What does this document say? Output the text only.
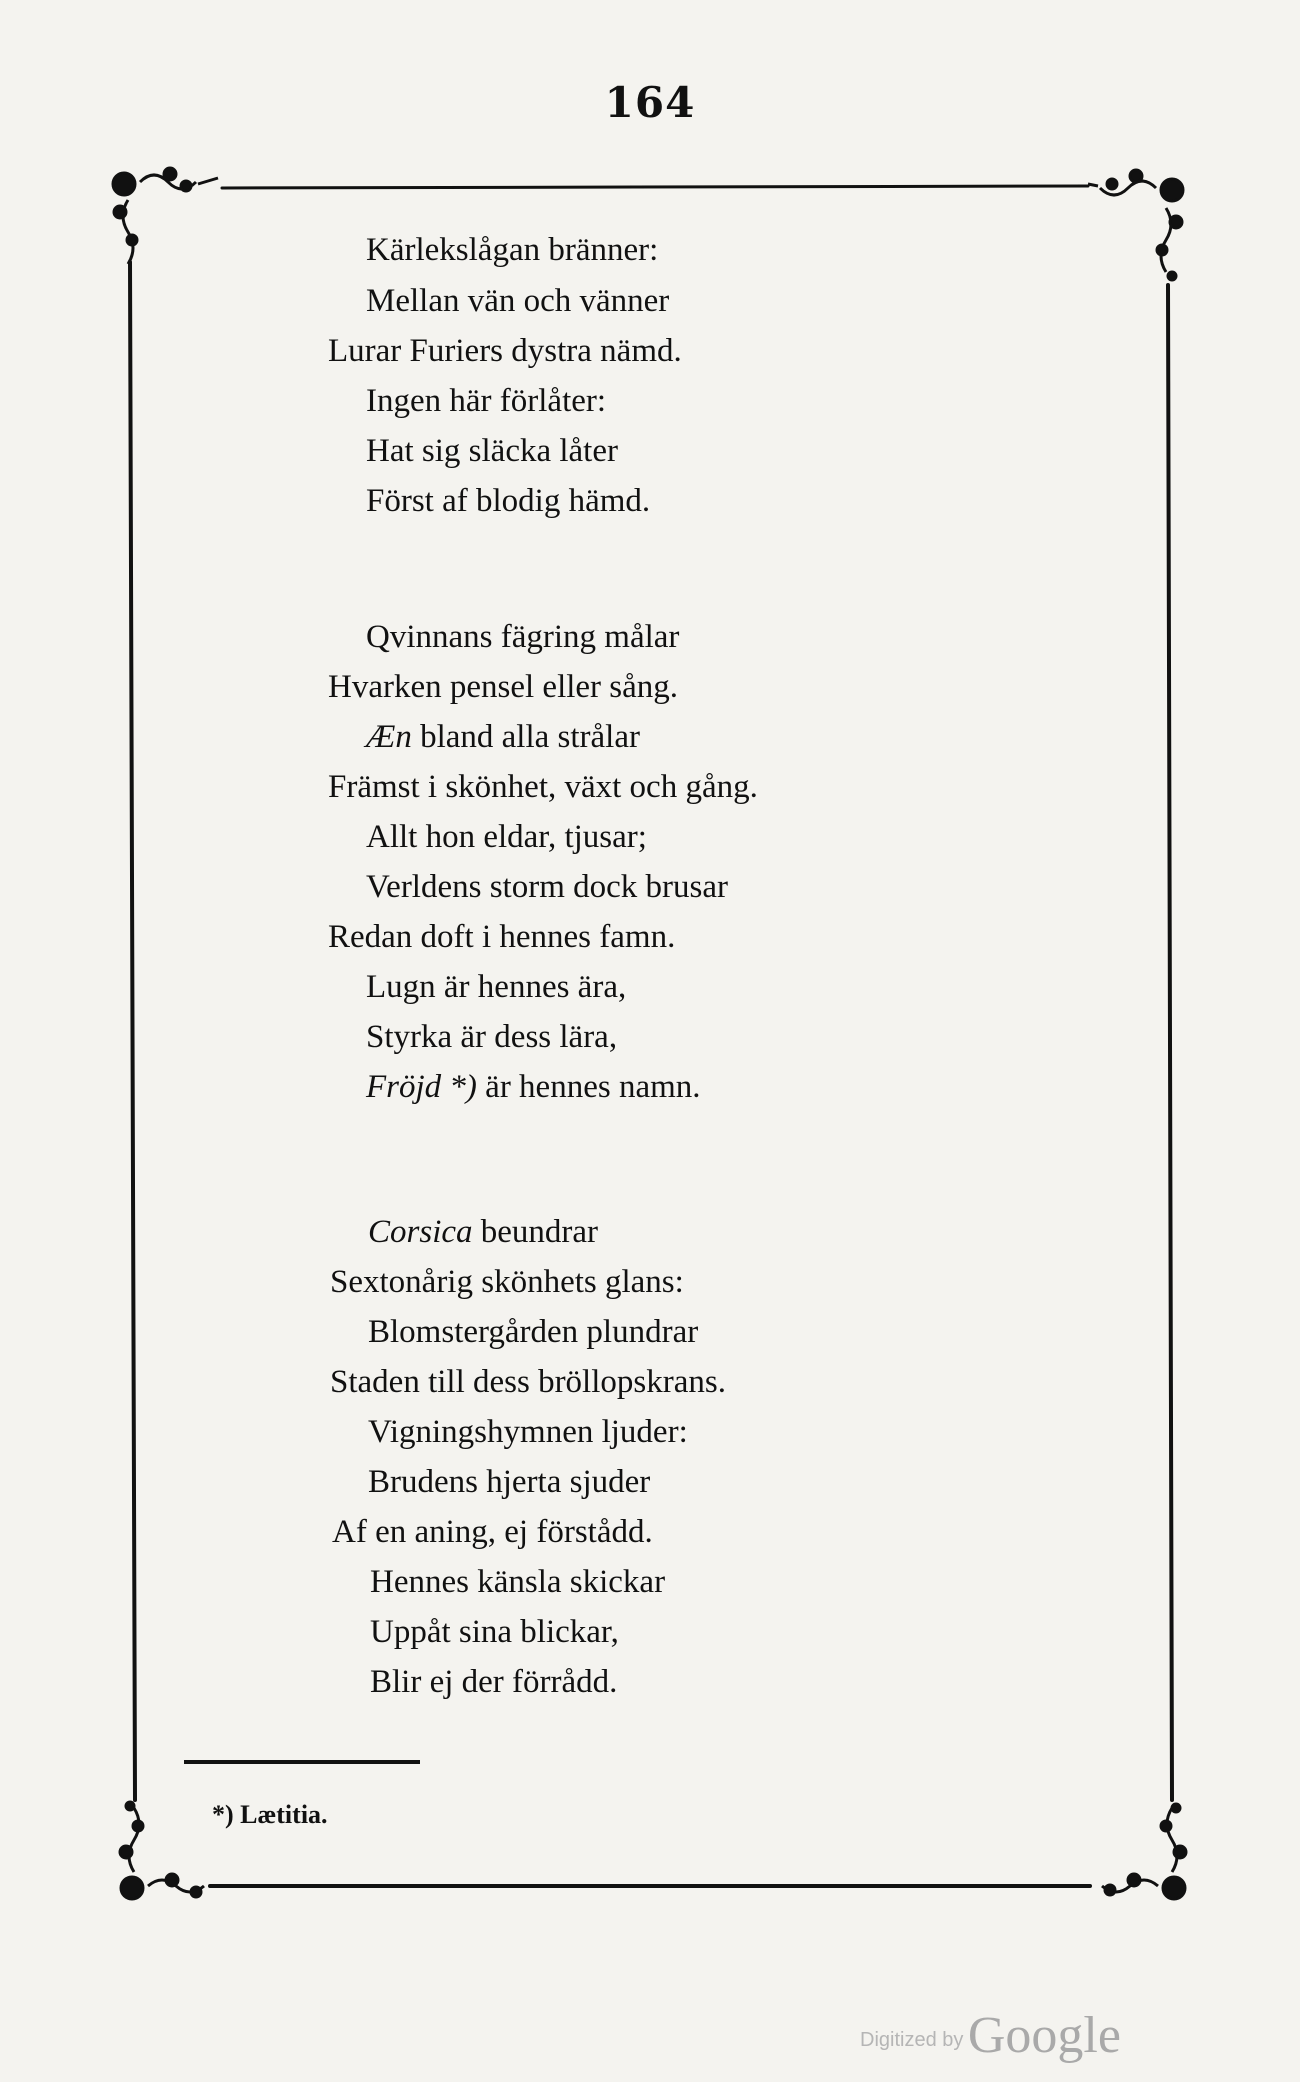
164
Kärlekslågan bränner:
Mellan vän och vänner
Lurar Furiers dystra nämd.
Ingen här förlåter:
Hat sig släcka låter
Först af blodig hämd.
Qvinnans fägring målar
Hvarken pensel eller sång.
Æn bland alla strålar
Främst i skönhet, växt och gång.
Allt hon eldar, tjusar;
Verldens storm dock brusar
Redan doft i hennes famn.
Lugn är hennes ära,
Styrka är dess lära,
Fröjd *) är hennes namn.
Corsica beundrar
Sextonårig skönhets glans:
Blomstergården plundrar
Staden till dess bröllopskrans.
Vigningshymnen ljuder:
Brudens hjerta sjuder
Af en aning, ej förstådd.
Hennes känsla skickar
Uppåt sina blickar,
Blir ej der förrådd.
*) Lætitia.
Digitized by Google
